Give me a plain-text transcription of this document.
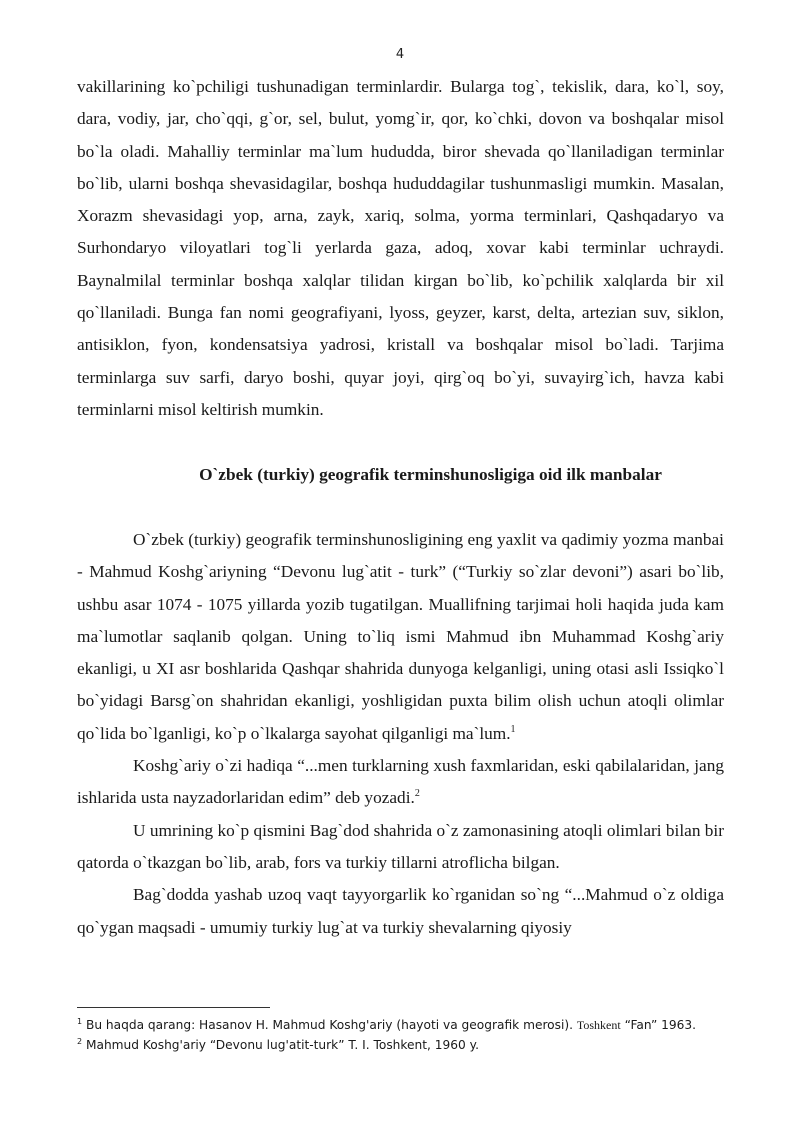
4

vakillarining ko`pchiligi tushunadigan terminlardir. Bularga tog`, tekislik, dara, ko`l, soy, dara, vodiy, jar, cho`qqi, g`or, sel, bulut, yomg`ir, qor, ko`chki, dovon va boshqalar misol bo`la oladi. Mahalliy terminlar ma`lum hududda, biror shevada qo`llaniladigan terminlar bo`lib, ularni boshqa shevasidagilar, boshqa hududdagilar tushunmasligi mumkin. Masalan, Xorazm shevasidagi yop, arna, zayk, xariq, solma, yorma terminlari, Qashqadaryo va Surhondaryo viloyatlari tog`li yerlarda gaza, adoq, xovar kabi terminlar uchraydi. Baynalmilal terminlar boshqa xalqlar tilidan kirgan bo`lib, ko`pchilik xalqlarda bir xil qo`llaniladi. Bunga fan nomi geografiyani, lyoss, geyzer, karst, delta, artezian suv, siklon, antisiklon, fyon, kondensatsiya yadrosi, kristall va boshqalar misol bo`ladi. Tarjima terminlarga suv sarfi, daryo boshi, quyar joyi, qirg`oq bo`yi, suvayirg`ich, havza kabi terminlarni misol keltirish mumkin.

O`zbek (turkiy) geografik terminshunosligiga oid ilk manbalar

O`zbek (turkiy) geografik terminshunosligining eng yaxlit va qadimiy yozma manbai - Mahmud Koshg`ariyning “Devonu lug`atit - turk” (“Turkiy so`zlar devoni”) asari bo`lib, ushbu asar 1074 - 1075 yillarda yozib tugatilgan. Muallifning tarjimai holi haqida juda kam ma`lumotlar saqlanib qolgan. Uning to`liq ismi Mahmud ibn Muhammad Koshg`ariy ekanligi, u XI asr boshlarida Qashqar shahrida dunyoga kelganligi, uning otasi asli Issiqko`l bo`yidagi Barsg`on shahridan ekanligi, yoshligidan puxta bilim olish uchun atoqli olimlar qo`lida bo`lganligi, ko`p o`lkalarga sayohat qilganligi ma`lum.$^1$

Koshg`ariy o`zi hadiqa “...men turklarning xush faxmlaridan, eski qabilalaridan, jang ishlarida usta nayzadorlaridan edim” deb yozadi.$^2$

U umrining ko`p qismini Bag`dod shahrida o`z zamonasining atoqli olimlari bilan bir qatorda o`tkazgan bo`lib, arab, fors va turkiy tillarni atroflicha bilgan.

Bag`dodda yashab uzoq vaqt tayyorgarlik ko`rganidan so`ng “...Mahmud o`z oldiga qo`ygan maqsadi - umumiy turkiy lug`at va turkiy shevalarning qiyosiy

$^1$ Bu haqda qarang: Hasanov H. Mahmud Koshg'ariy (hayoti va geografik merosi). Toshkent “Fan” 1963.
$^2$ Mahmud Koshg'ariy “Devonu lug'atit-turk” T. I. Toshkent, 1960 y.
